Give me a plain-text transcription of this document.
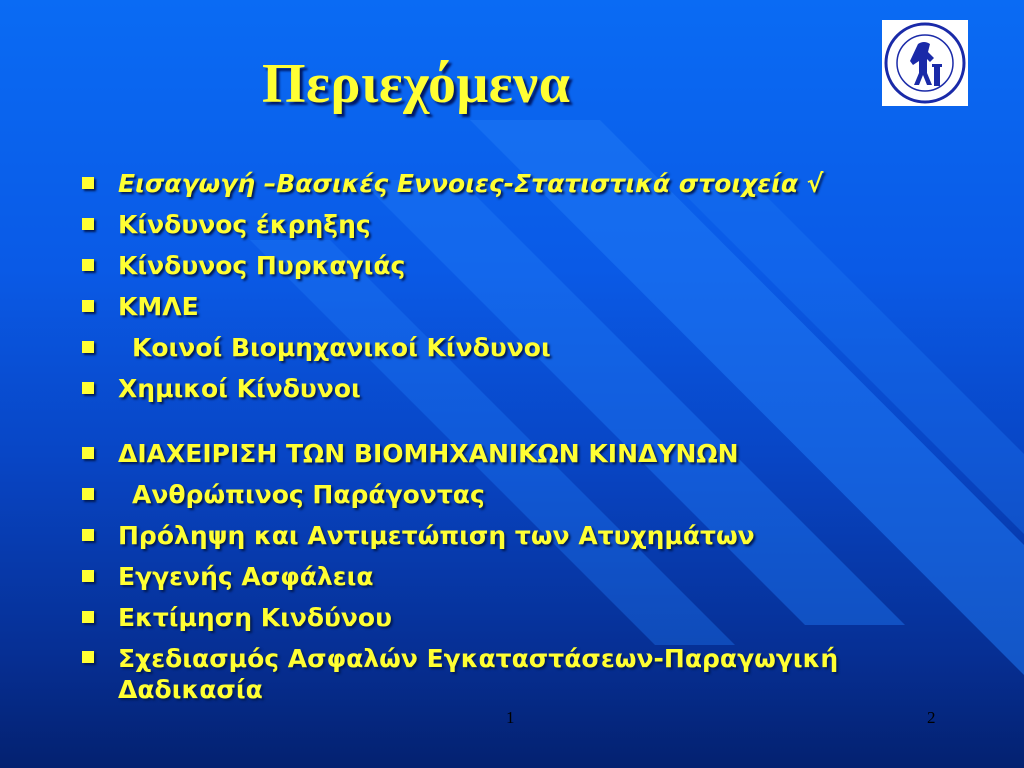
Περιεχόμενα
Εισαγωγή –Βασικές Εννοιες-Στατιστικά στοιχεία √
Κίνδυνος έκρηξης
Κίνδυνος Πυρκαγιάς
ΚΜΛΕ
Κοινοί Βιομηχανικοί Κίνδυνοι
Χημικοί Κίνδυνοι
ΔΙΑΧΕΙΡΙΣΗ ΤΩΝ ΒΙΟΜΗΧΑΝΙΚΩΝ ΚΙΝΔΥΝΩΝ
Ανθρώπινος Παράγοντας
Πρόληψη και Αντιμετώπιση των Ατυχημάτων
Εγγενής Ασφάλεια
Εκτίμηση Κινδύνου
Σχεδιασμός Ασφαλών Εγκαταστάσεων-Παραγωγική Δαδικασία
1	2
